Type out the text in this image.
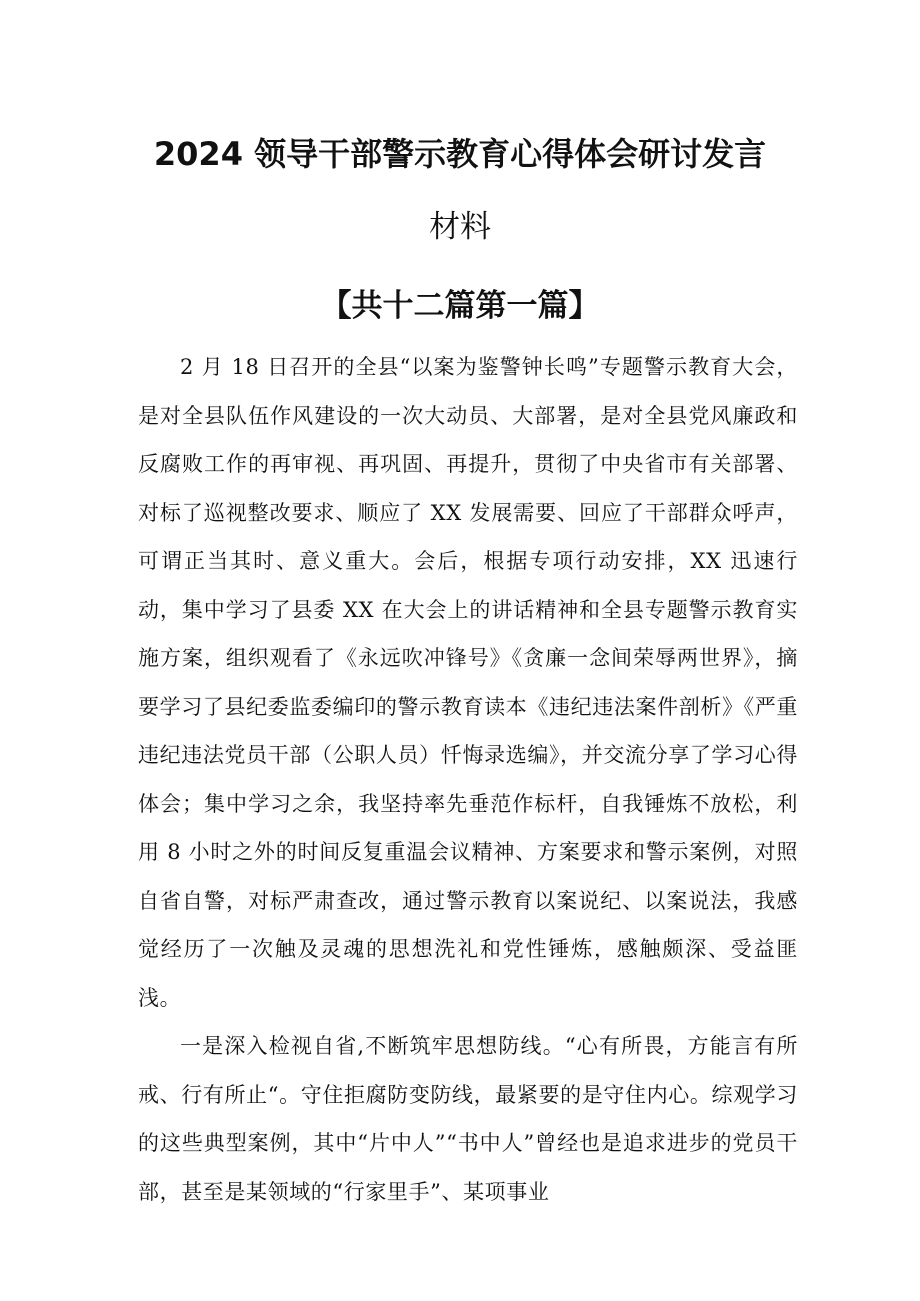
2024 领导干部警示教育心得体会研讨发言
材料
【共十二篇第一篇】

2 月 18 日召开的全县“以案为鉴警钟长鸣”专题警示教育大会，是对全县队伍作风建设的一次大动员、大部署，是对全县党风廉政和反腐败工作的再审视、再巩固、再提升，贯彻了中央省市有关部署、对标了巡视整改要求、顺应了 XX 发展需要、回应了干部群众呼声，可谓正当其时、意义重大。会后，根据专项行动安排，XX 迅速行动，集中学习了县委 XX 在大会上的讲话精神和全县专题警示教育实施方案，组织观看了《永远吹冲锋号》《贪廉一念间荣辱两世界》，摘要学习了县纪委监委编印的警示教育读本《违纪违法案件剖析》《严重违纪违法党员干部（公职人员）忏悔录选编》，并交流分享了学习心得体会；集中学习之余，我坚持率先垂范作标杆，自我锤炼不放松，利用 8 小时之外的时间反复重温会议精神、方案要求和警示案例，对照自省自警，对标严肃查改，通过警示教育以案说纪、以案说法，我感觉经历了一次触及灵魂的思想洗礼和党性锤炼，感触颇深、受益匪浅。

一是深入检视自省,不断筑牢思想防线。“心有所畏，方能言有所戒、行有所止“。守住拒腐防变防线，最紧要的是守住内心。综观学习的这些典型案例，其中“片中人”“书中人”曾经也是追求进步的党员干部，甚至是某领域的“行家里手”、某项事业
